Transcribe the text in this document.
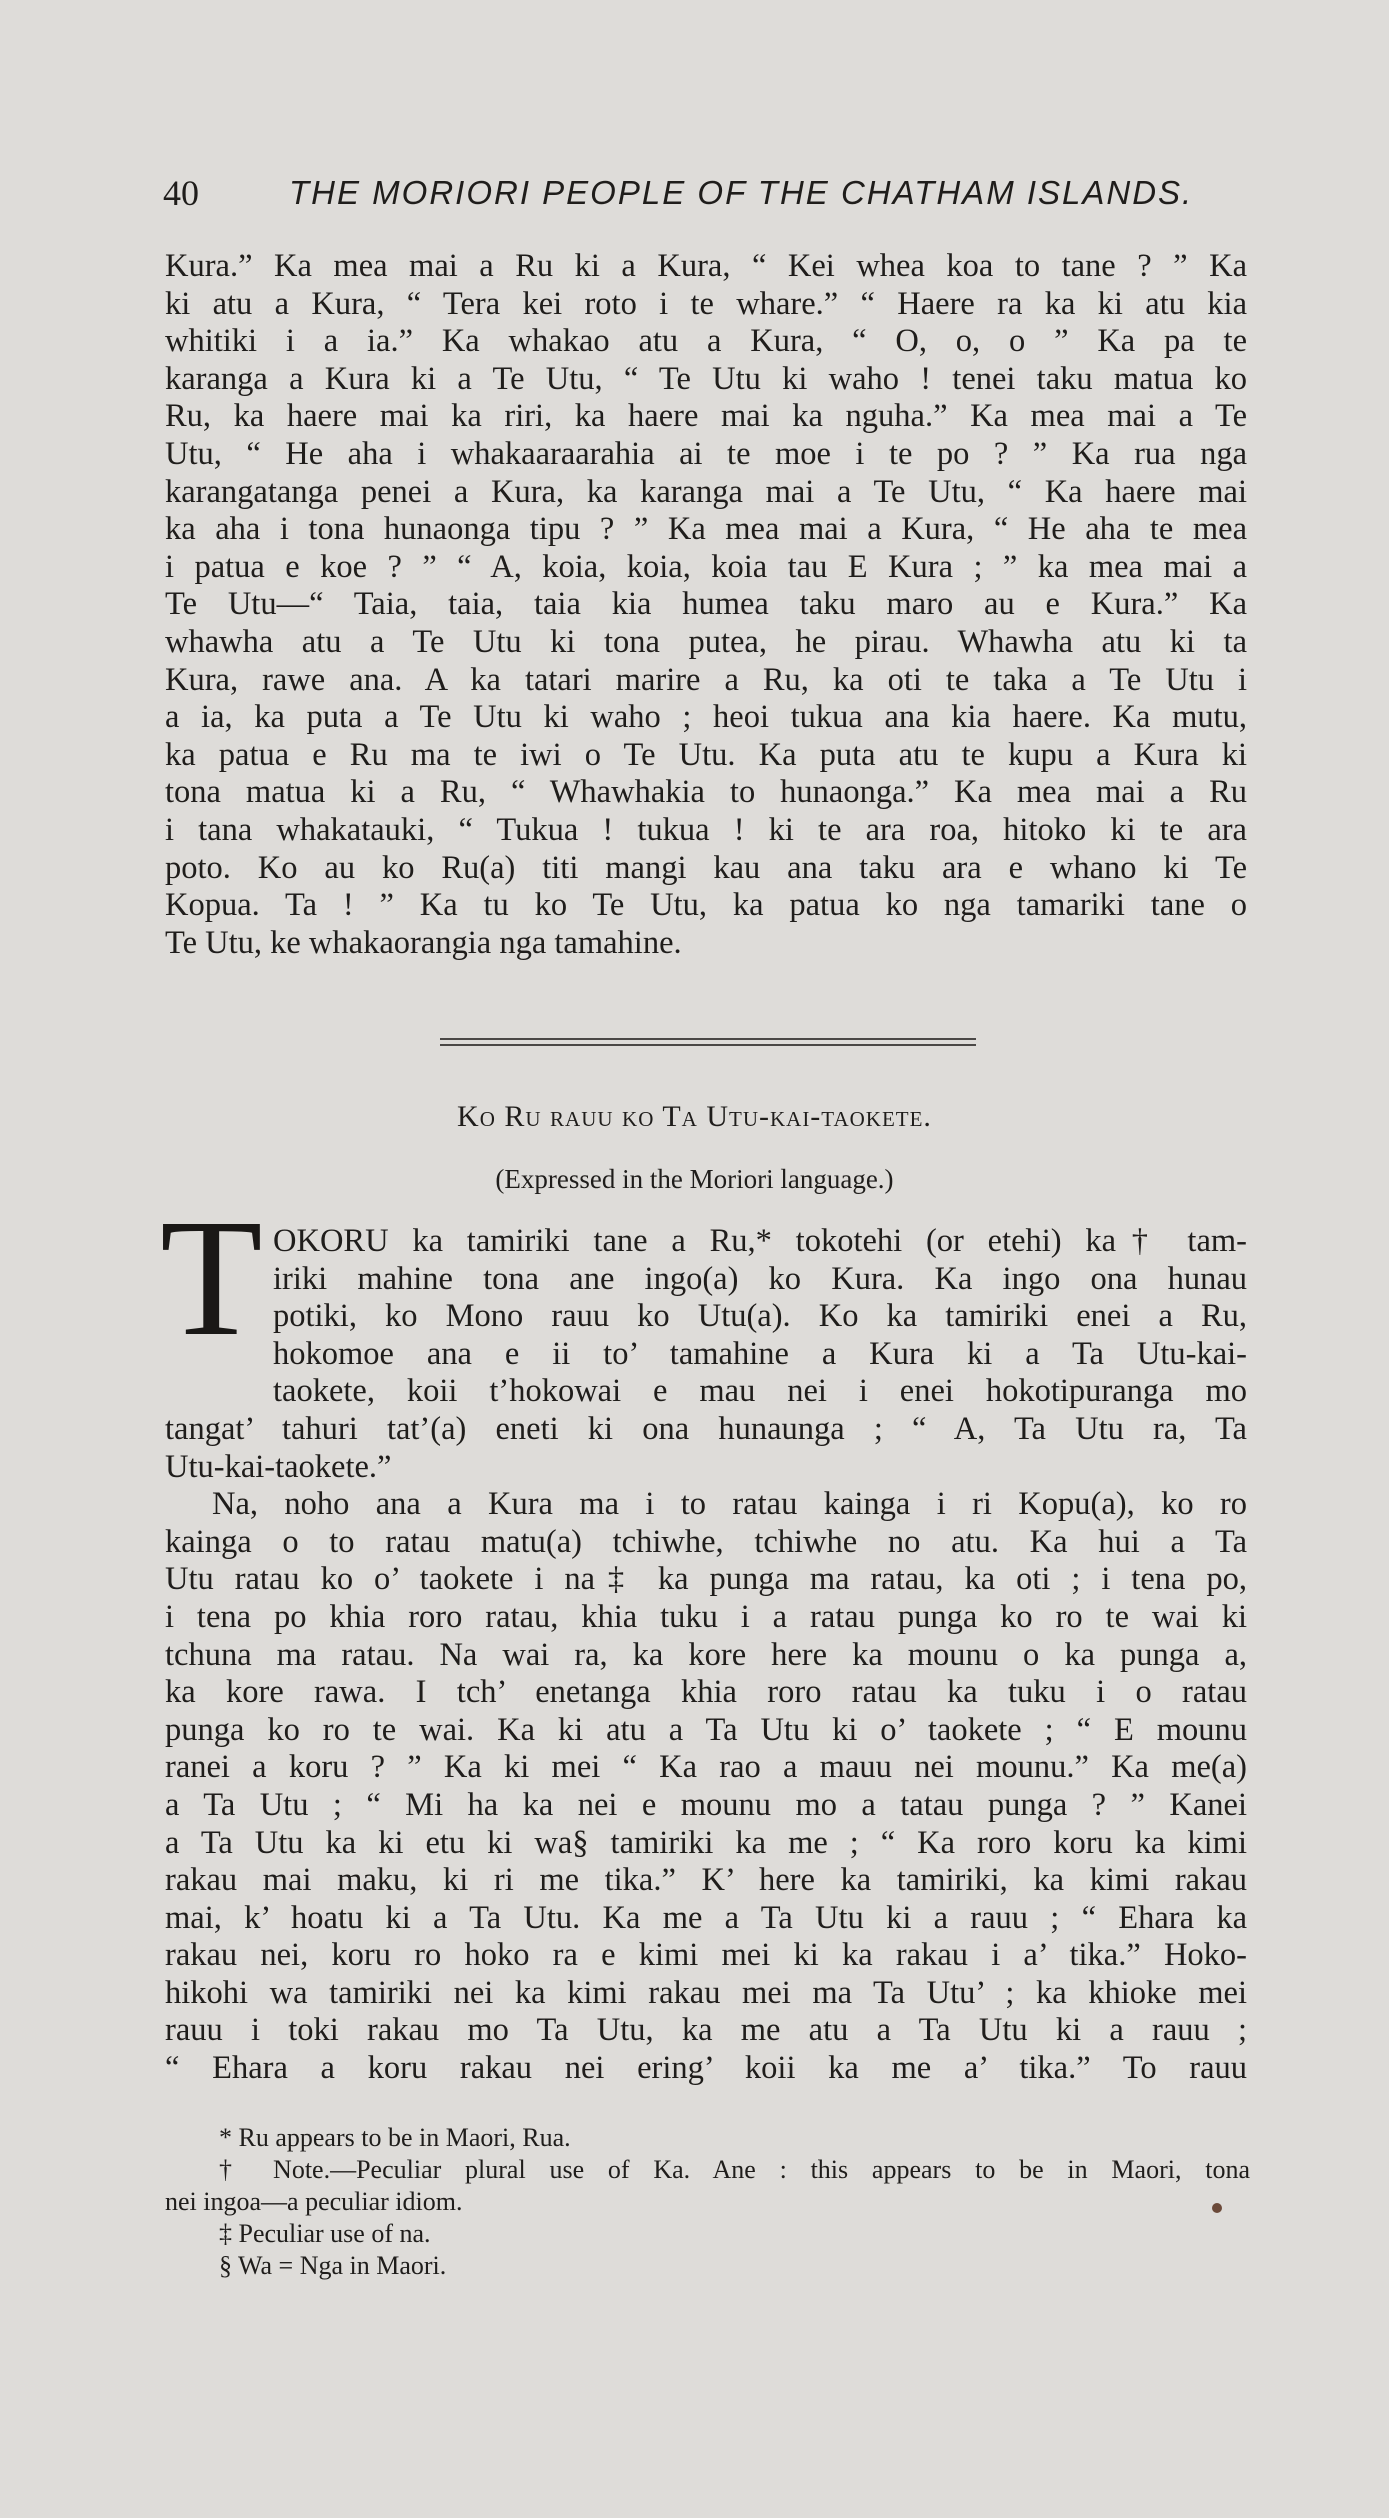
40	THE MORIORI PEOPLE OF THE CHATHAM ISLANDS.
Kura.” Ka mea mai a Ru ki a Kura, “ Kei whea koa to tane ? ” Ka
ki atu a Kura, “ Tera kei roto i te whare.” “ Haere ra ka ki atu kia
whitiki i a ia.” Ka whakao atu a Kura, “ O, o, o ” Ka pa te
karanga a Kura ki a Te Utu, “ Te Utu ki waho ! tenei taku matua ko
Ru, ka haere mai ka riri, ka haere mai ka nguha.” Ka mea mai a Te
Utu, “ He aha i whakaaraarahia ai te moe i te po ? ” Ka rua nga
karangatanga penei a Kura, ka karanga mai a Te Utu, “ Ka haere mai
ka aha i tona hunaonga tipu ? ” Ka mea mai a Kura, “ He aha te mea
i patua e koe ? ” “ A, koia, koia, koia tau E Kura ; ” ka mea mai a
Te Utu—“ Taia, taia, taia kia humea taku maro au e Kura.” Ka
whawha atu a Te Utu ki tona putea, he pirau. Whawha atu ki ta
Kura, rawe ana. A ka tatari marire a Ru, ka oti te taka a Te Utu i
a ia, ka puta a Te Utu ki waho ; heoi tukua ana kia haere. Ka mutu,
ka patua e Ru ma te iwi o Te Utu. Ka puta atu te kupu a Kura ki
tona matua ki a Ru, “ Whawhakia to hunaonga.” Ka mea mai a Ru
i tana whakatauki, “ Tukua ! tukua ! ki te ara roa, hitoko ki te ara
poto. Ko au ko Ru(a) titi mangi kau ana taku ara e whano ki Te
Kopua. Ta ! ” Ka tu ko Te Utu, ka patua ko nga tamariki tane o
Te Utu, ke whakaorangia nga tamahine.
Ko Ru rauu ko Ta Utu-kai-taokete.
(Expressed in the Moriori language.)
T OKORU ka tamiriki tane a Ru,* tokotehi (or etehi) ka† tam-
iriki mahine tona ane ingo(a) ko Kura. Ka ingo ona hunau
potiki, ko Mono rauu ko Utu(a). Ko ka tamiriki enei a Ru,
hokomoe ana e ii to’ tamahine a Kura ki a Ta Utu-kai-
taokete, koii t’hokowai e mau nei i enei hokotipuranga mo
tangat’ tahuri tat’(a) eneti ki ona hunaunga ; “ A, Ta Utu ra, Ta
Utu-kai-taokete.”
Na, noho ana a Kura ma i to ratau kainga i ri Kopu(a), ko ro
kainga o to ratau matu(a) tchiwhe, tchiwhe no atu. Ka hui a Ta
Utu ratau ko o’ taokete i na‡ ka punga ma ratau, ka oti ; i tena po,
i tena po khia roro ratau, khia tuku i a ratau punga ko ro te wai ki
tchuna ma ratau. Na wai ra, ka kore here ka mounu o ka punga a,
ka kore rawa. I tch’ enetanga khia roro ratau ka tuku i o ratau
punga ko ro te wai. Ka ki atu a Ta Utu ki o’ taokete ; “ E mounu
ranei a koru ? ” Ka ki mei “ Ka rao a mauu nei mounu.” Ka me(a)
a Ta Utu ; “ Mi ha ka nei e mounu mo a tatau punga ? ” Kanei
a Ta Utu ka ki etu ki wa§ tamiriki ka me ; “ Ka roro koru ka kimi
rakau mai maku, ki ri me tika.” K’ here ka tamiriki, ka kimi rakau
mai, k’ hoatu ki a Ta Utu. Ka me a Ta Utu ki a rauu ; “ Ehara ka
rakau nei, koru ro hoko ra e kimi mei ki ka rakau i a’ tika.” Hoko-
hikohi wa tamiriki nei ka kimi rakau mei ma Ta Utu’ ; ka khioke mei
rauu i toki rakau mo Ta Utu, ka me atu a Ta Utu ki a rauu ;
“ Ehara a koru rakau nei ering’ koii ka me a’ tika.” To rauu
* Ru appears to be in Maori, Rua.
† Note.—Peculiar plural use of Ka. Ane : this appears to be in Maori, tona
nei ingoa—a peculiar idiom.
‡ Peculiar use of na.
§ Wa = Nga in Maori.
